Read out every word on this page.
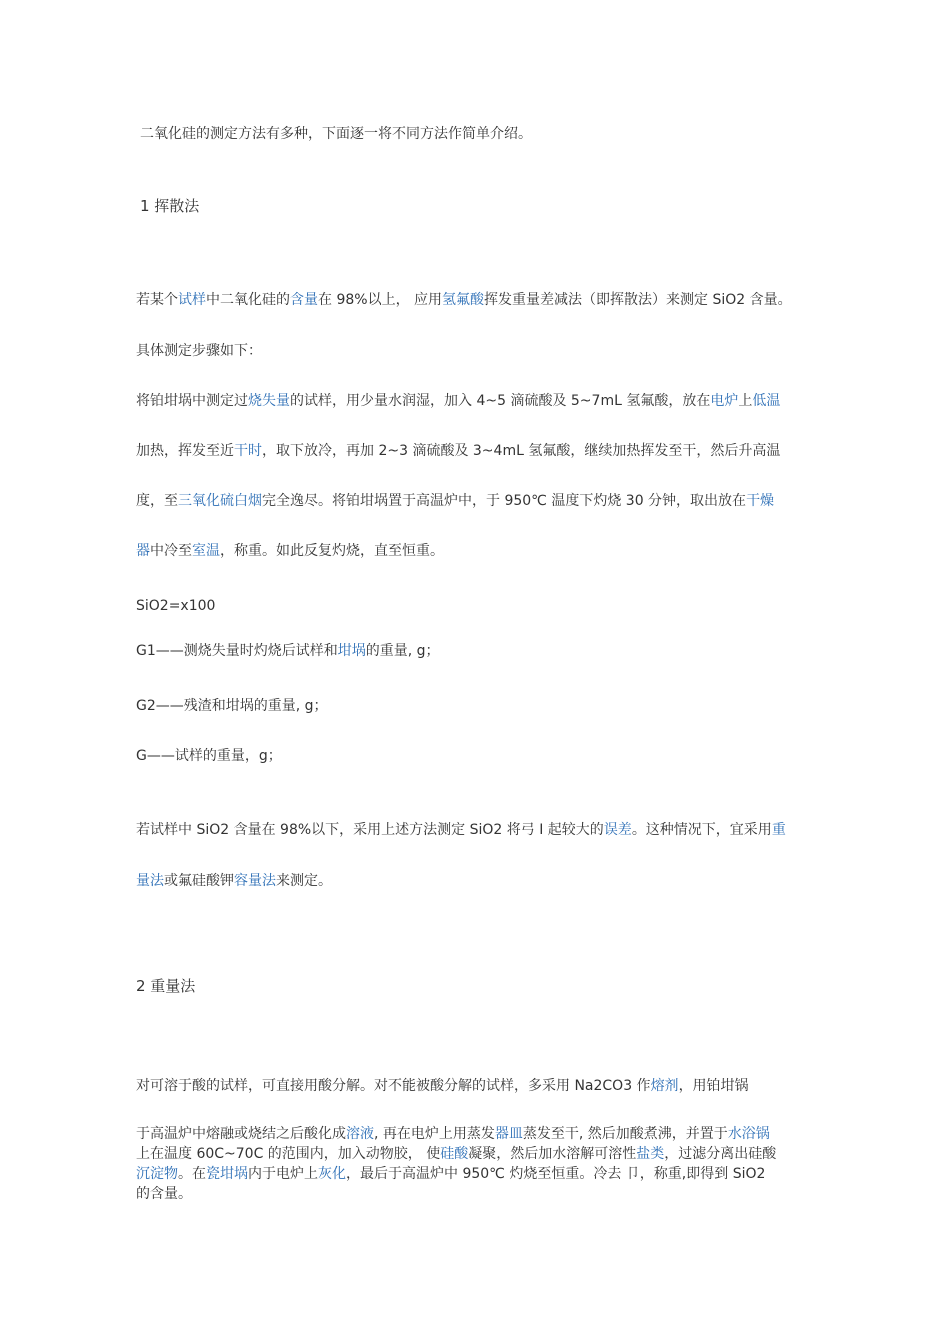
二氧化硅的测定方法有多种，下面逐一将不同方法作简单介绍。
1 挥散法
若某个试样中二氧化硅的含量在 98%以上， 应用氢氟酸挥发重量差减法（即挥散法）来测定 SiO2 含量。
具体测定步骤如下：
将铂坩埚中测定过烧失量的试样，用少量水润湿，加入 4~5 滴硫酸及 5~7mL 氢氟酸，放在电炉上低温
加热，挥发至近干时，取下放冷，再加 2~3 滴硫酸及 3~4mL 氢氟酸，继续加热挥发至干，然后升高温
度，至三氧化硫白烟完全逸尽。将铂坩埚置于高温炉中，于 950℃ 温度下灼烧 30 分钟，取出放在干燥
器中冷至室温，称重。如此反复灼烧，直至恒重。
SiO2=x100
G1——测烧失量时灼烧后试样和坩埚的重量, g；
G2——残渣和坩埚的重量, g；
G——试样的重量，g；
若试样中 SiO2 含量在 98%以下，采用上述方法测定 SiO2 将弓 I 起较大的误差。这种情况下，宜采用重
量法或氟硅酸钾容量法来测定。
2 重量法
对可溶于酸的试样，可直接用酸分解。对不能被酸分解的试样，多采用 Na2CO3 作熔剂，用铂坩锅
于高温炉中熔融或烧结之后酸化成溶液, 再在电炉上用蒸发器皿蒸发至干, 然后加酸煮沸，并置于水浴锅
上在温度 60C~70C 的范围内，加入动物胶， 使硅酸凝聚，然后加水溶解可溶性盐类，过滤分离出硅酸
沉淀物。在瓷坩埚内于电炉上灰化，最后于高温炉中 950℃ 灼烧至恒重。冷去 卩，称重,即得到 SiO2
的含量。
